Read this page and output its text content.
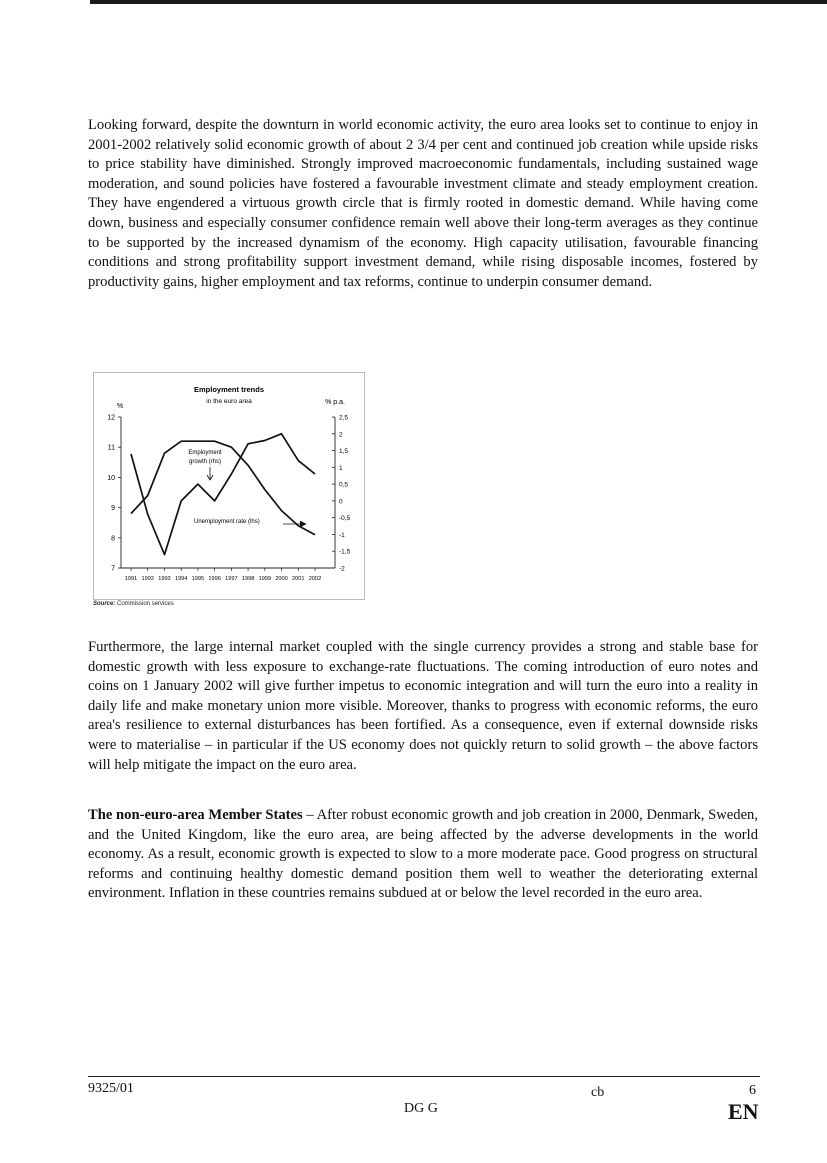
Looking forward, despite the downturn in world economic activity, the euro area looks set to continue to enjoy in 2001-2002 relatively solid economic growth of about 2 3/4 per cent and continued job creation while upside risks to price stability have diminished. Strongly improved macroeconomic fundamentals, including sustained wage moderation, and sound policies have fostered a favourable investment climate and steady employment creation. They have engendered a virtuous growth circle that is firmly rooted in domestic demand. While having come down, business and especially consumer confidence remain well above their long-term averages as they continue to be supported by the increased dynamism of the economy. High capacity utilisation, favourable financing conditions and strong profitability support investment demand, while rising disposable incomes, fostered by productivity gains, higher employment and tax reforms, continue to underpin consumer demand.

Employment trends
in the euro area
%
% p.a.
12
11
10
9
8
7
2,5
2
1,5
1
0,5
0
-0,5
-1
-1,5
-2
1991 1992 1993 1994 1995 1996 1997 1998 1999 2000 2001 2002
Employment
growth (rhs)
Unemployment rate (lhs)
Source: Commission services

Furthermore, the large internal market coupled with the single currency provides a strong and stable base for domestic growth with less exposure to exchange-rate fluctuations. The coming introduction of euro notes and coins on 1 January 2002 will give further impetus to economic integration and will turn the euro into a reality in daily life and make monetary union more visible. Moreover, thanks to progress with economic reforms, the euro area's resilience to external disturbances has been fortified. As a consequence, even if external downside risks were to materialise – in particular if the US economy does not quickly return to solid growth – the above factors will help mitigate the impact on the euro area.

The non-euro-area Member States – After robust economic growth and job creation in 2000, Denmark, Sweden, and the United Kingdom, like the euro area, are being affected by the adverse developments in the world economy. As a result, economic growth is expected to slow to a more moderate pace. Good progress on structural reforms and continuing healthy domestic demand position them well to weather the deteriorating external environment. Inflation in these countries remains subdued at or below the level recorded in the euro area.

9325/01	cb	6
DG G	EN
